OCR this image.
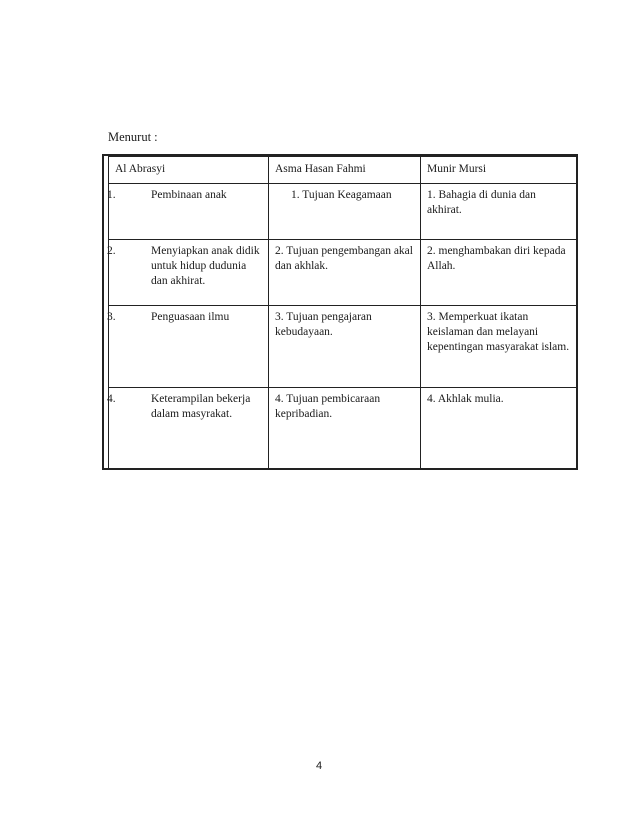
Menurut :
Al Abrasyi	Asma Hasan Fahmi	Munir Mursi

1. Pembinaan anak	1. Tujuan Keagamaan	1. Bahagia di dunia dan akhirat.

2. Menyiapkan anak didik untuk hidup dudunia dan akhirat.	2. Tujuan pengembangan akal dan akhlak.	2. menghambakan diri kepada Allah.

3. Penguasaan ilmu	3. Tujuan pengajaran kebudayaan.	3. Memperkuat ikatan keislaman dan melayani kepentingan masyarakat islam.

4. Keterampilan bekerja dalam masyrakat.	4. Tujuan pembicaraan kepribadian.	4. Akhlak mulia.
4
